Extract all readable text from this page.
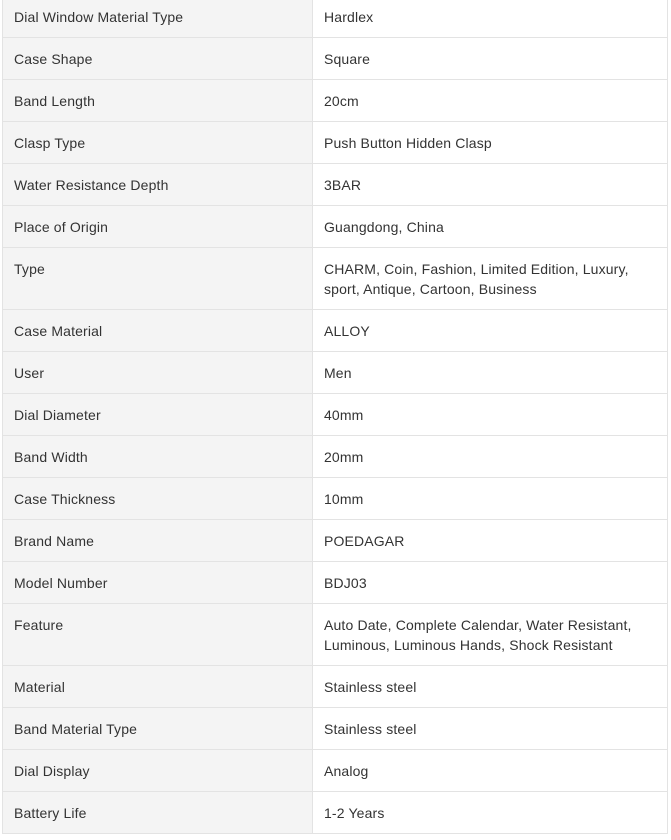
Dial Window Material Type	Hardlex
Case Shape	Square
Band Length	20cm
Clasp Type	Push Button Hidden Clasp
Water Resistance Depth	3BAR
Place of Origin	Guangdong, China
Type	CHARM, Coin, Fashion, Limited Edition, Luxury,
sport, Antique, Cartoon, Business
Case Material	ALLOY
User	Men
Dial Diameter	40mm
Band Width	20mm
Case Thickness	10mm
Brand Name	POEDAGAR
Model Number	BDJ03
Feature	Auto Date, Complete Calendar, Water Resistant,
Luminous, Luminous Hands, Shock Resistant
Material	Stainless steel
Band Material Type	Stainless steel
Dial Display	Analog
Battery Life	1-2 Years
